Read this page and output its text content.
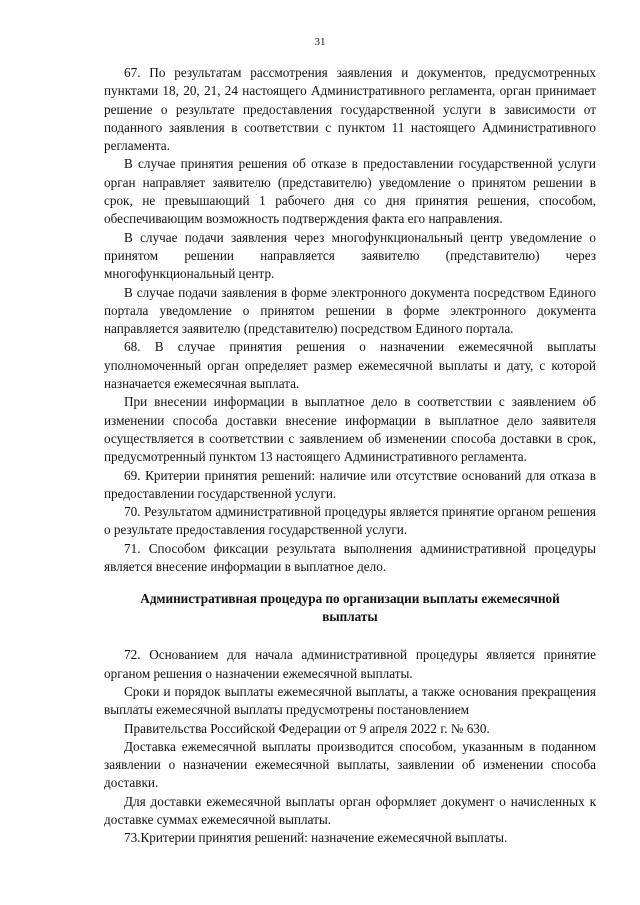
31

67. По результатам рассмотрения заявления и документов, предусмотренных пунктами 18, 20, 21, 24 настоящего Административного регламента, орган принимает решение о результате предоставления государственной услуги в зависимости от поданного заявления в соответствии с пунктом 11 настоящего Административного регламента.

В случае принятия решения об отказе в предоставлении государственной услуги орган направляет заявителю (представителю) уведомление о принятом решении в срок, не превышающий 1 рабочего дня со дня принятия решения, способом, обеспечивающим возможность подтверждения факта его направления.

В случае подачи заявления через многофункциональный центр уведомление о принятом решении направляется заявителю (представителю) через многофункциональный центр.

В случае подачи заявления в форме электронного документа посредством Единого портала уведомление о принятом решении в форме электронного документа направляется заявителю (представителю) посредством Единого портала.

68. В случае принятия решения о назначении ежемесячной выплаты уполномоченный орган определяет размер ежемесячной выплаты и дату, с которой назначается ежемесячная выплата.

При внесении информации в выплатное дело в соответствии с заявлением об изменении способа доставки внесение информации в выплатное дело заявителя осуществляется в соответствии с заявлением об изменении способа доставки в срок, предусмотренный пунктом 13 настоящего Административного регламента.

69. Критерии принятия решений: наличие или отсутствие оснований для отказа в предоставлении государственной услуги.

70. Результатом административной процедуры является принятие органом решения о результате предоставления государственной услуги.

71. Способом фиксации результата выполнения административной процедуры является внесение информации в выплатное дело.

Административная процедура по организации выплаты ежемесячной выплаты

72. Основанием для начала административной процедуры является принятие органом решения о назначении ежемесячной выплаты.

Сроки и порядок выплаты ежемесячной выплаты, а также основания прекращения выплаты ежемесячной выплаты предусмотрены постановлением

Правительства Российской Федерации от 9 апреля 2022 г. № 630.

Доставка ежемесячной выплаты производится способом, указанным в поданном заявлении о назначении ежемесячной выплаты, заявлении об изменении способа доставки.

Для доставки ежемесячной выплаты орган оформляет документ о начисленных к доставке суммах ежемесячной выплаты.

73.Критерии принятия решений: назначение ежемесячной выплаты.
